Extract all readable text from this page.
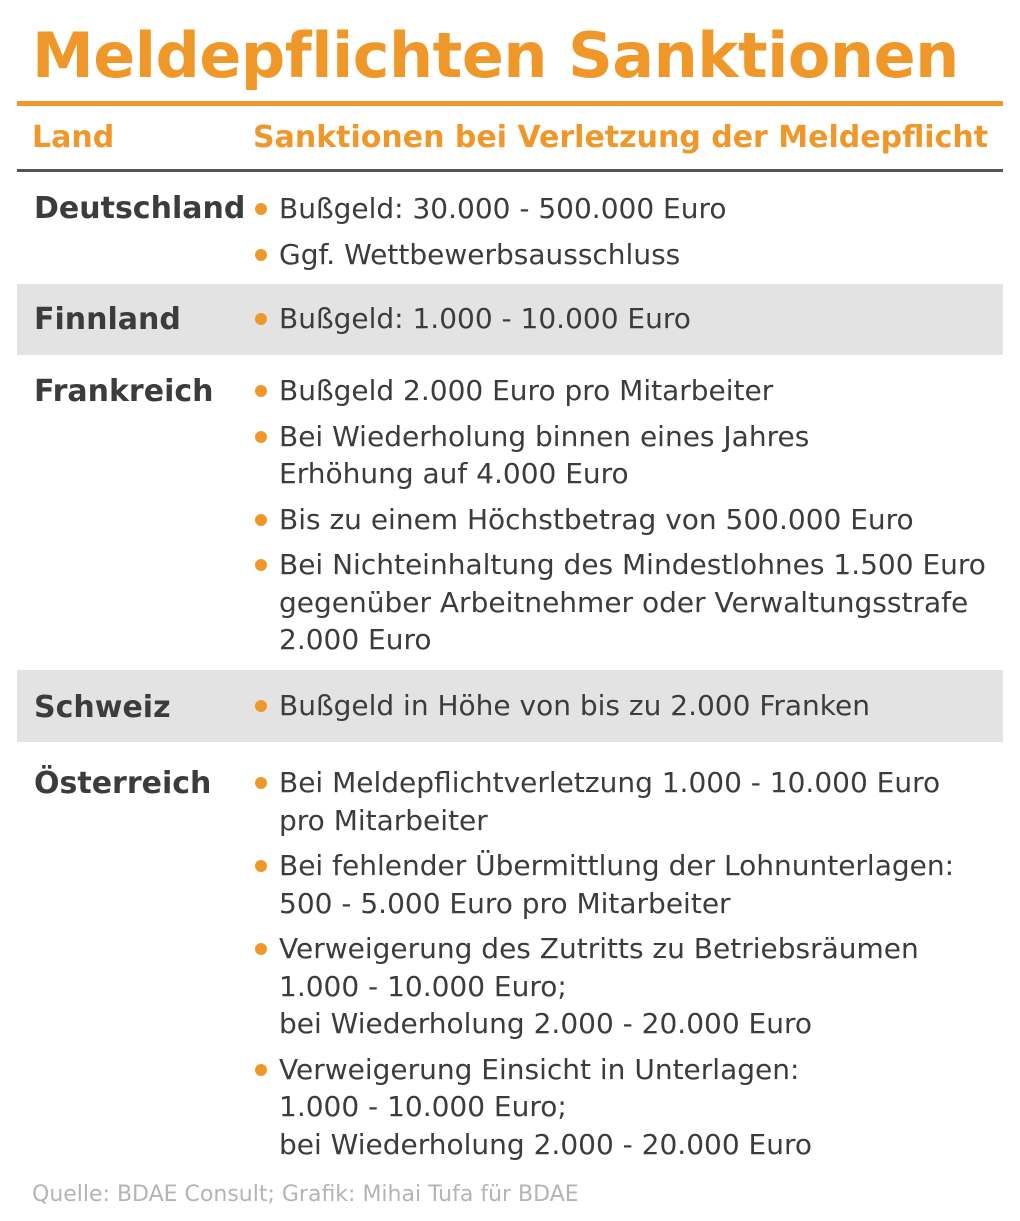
Meldepflichten Sanktionen
Land	Sanktionen bei Verletzung der Meldepflicht
Deutschland	Bußgeld: 30.000 - 500.000 Euro
Ggf. Wettbewerbsausschluss
Finnland	Bußgeld: 1.000 - 10.000 Euro
Frankreich	Bußgeld 2.000 Euro pro Mitarbeiter
Bei Wiederholung binnen eines Jahres
Erhöhung auf 4.000 Euro
Bis zu einem Höchstbetrag von 500.000 Euro
Bei Nichteinhaltung des Mindestlohnes 1.500 Euro
gegenüber Arbeitnehmer oder Verwaltungsstrafe
2.000 Euro
Schweiz	Bußgeld in Höhe von bis zu 2.000 Franken
Österreich	Bei Meldepflichtverletzung 1.000 - 10.000 Euro
pro Mitarbeiter
Bei fehlender Übermittlung der Lohnunterlagen:
500 - 5.000 Euro pro Mitarbeiter
Verweigerung des Zutritts zu Betriebsräumen
1.000 - 10.000 Euro;
bei Wiederholung 2.000 - 20.000 Euro
Verweigerung Einsicht in Unterlagen:
1.000 - 10.000 Euro;
bei Wiederholung 2.000 - 20.000 Euro
Quelle: BDAE Consult; Grafik: Mihai Tufa für BDAE
